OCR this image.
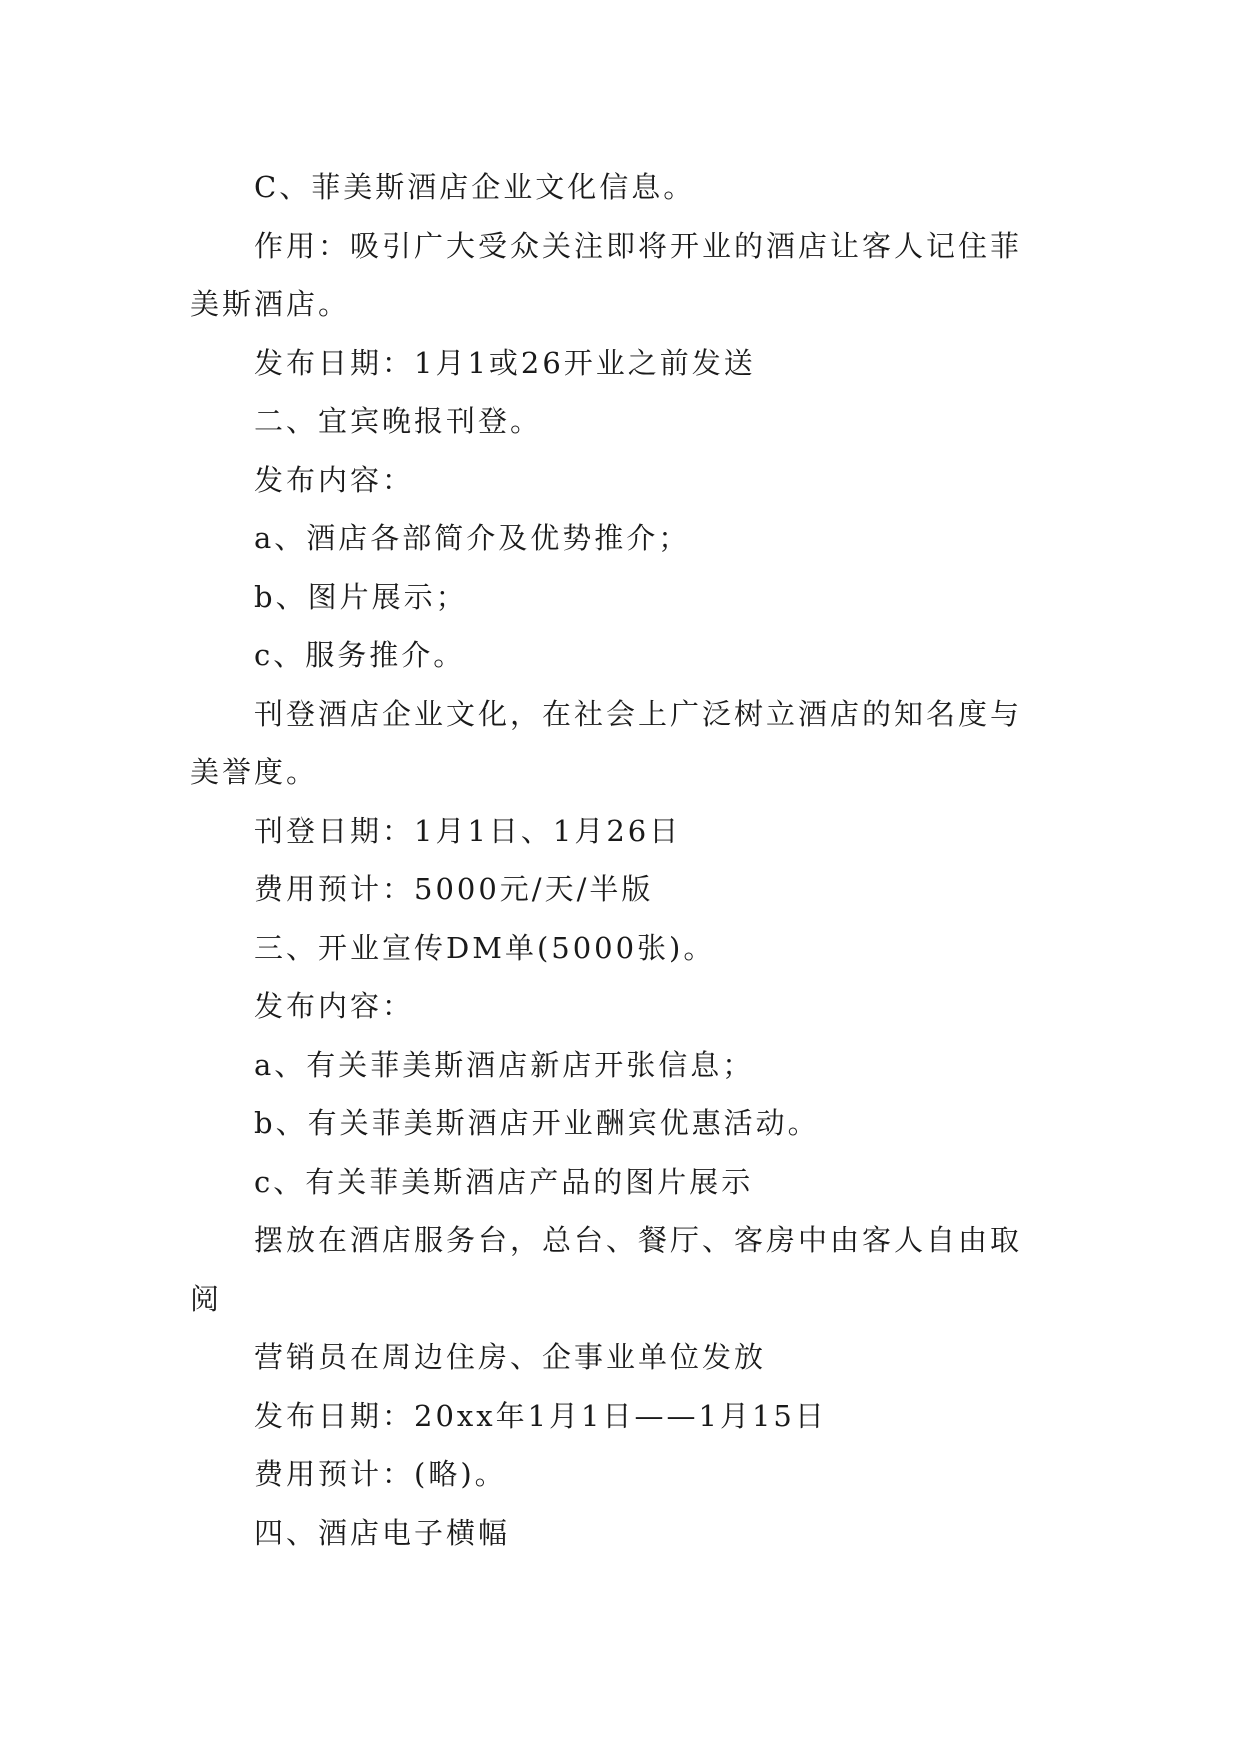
C、菲美斯酒店企业文化信息。

作用：吸引广大受众关注即将开业的酒店让客人记住菲美斯酒店。

发布日期：1月1或26开业之前发送

二、宜宾晚报刊登。

发布内容：

a、酒店各部简介及优势推介；

b、图片展示；

c、服务推介。

刊登酒店企业文化，在社会上广泛树立酒店的知名度与美誉度。

刊登日期：1月1日、1月26日

费用预计：5000元/天/半版

三、开业宣传DM单(5000张)。

发布内容：

a、有关菲美斯酒店新店开张信息；

b、有关菲美斯酒店开业酬宾优惠活动。

c、有关菲美斯酒店产品的图片展示

摆放在酒店服务台，总台、餐厅、客房中由客人自由取阅

营销员在周边住房、企事业单位发放

发布日期：20xx年1月1日——1月15日

费用预计：(略)。

四、酒店电子横幅
